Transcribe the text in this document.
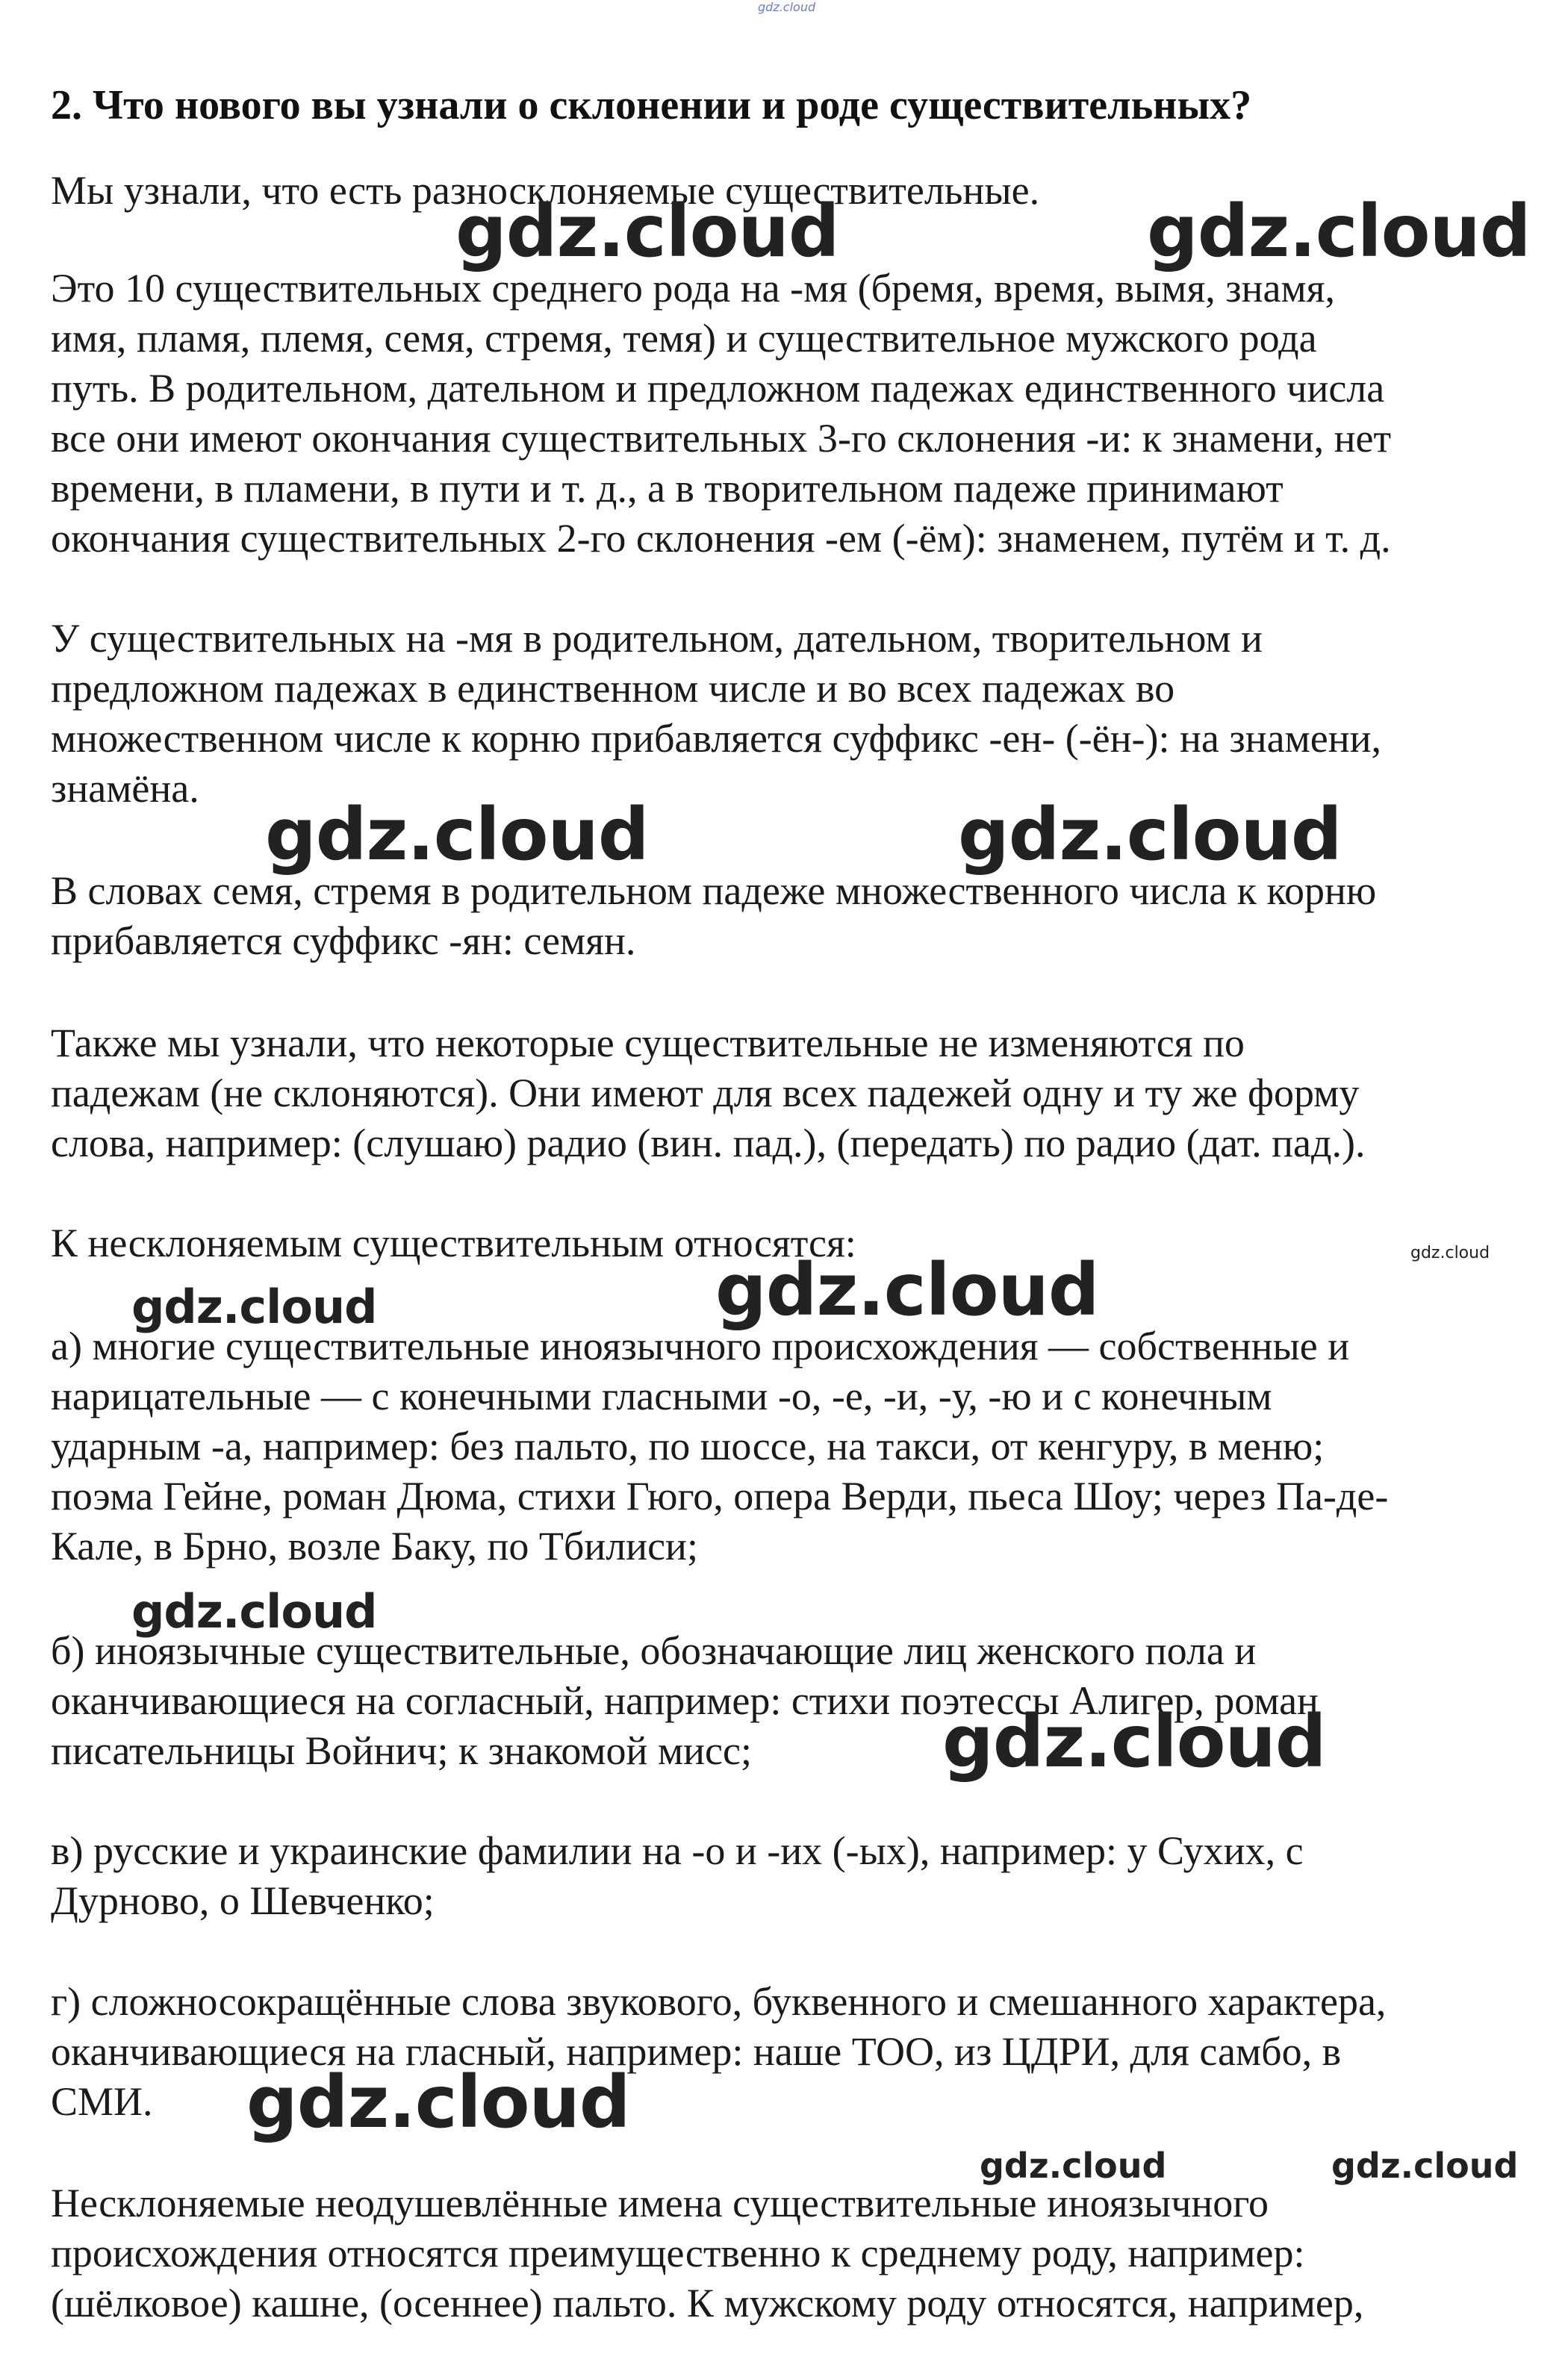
gdz.cloud
2. Что нового вы узнали о склонении и роде существительных?

Мы узнали, что есть разносклоняемые существительные.

Это 10 существительных среднего рода на -мя (бремя, время, вымя, знамя,
имя, пламя, племя, семя, стремя, темя) и существительное мужского рода
путь. В родительном, дательном и предложном падежах единственного числа
все они имеют окончания существительных 3-го склонения -и: к знамени, нет
времени, в пламени, в пути и т. д., а в творительном падеже принимают
окончания существительных 2-го склонения -ем (-ём): знаменем, путём и т. д.

У существительных на -мя в родительном, дательном, творительном и
предложном падежах в единственном числе и во всех падежах во
множественном числе к корню прибавляется суффикс -ен- (-ён-): на знамени,
знамёна.

В словах семя, стремя в родительном падеже множественного числа к корню
прибавляется суффикс -ян: семян.

Также мы узнали, что некоторые существительные не изменяются по
падежам (не склоняются). Они имеют для всех падежей одну и ту же форму
слова, например: (слушаю) радио (вин. пад.), (передать) по радио (дат. пад.).

К несклоняемым существительным относятся:

а) многие существительные иноязычного происхождения — собственные и
нарицательные — с конечными гласными -о, -е, -и, -у, -ю и с конечным
ударным -а, например: без пальто, по шоссе, на такси, от кенгуру, в меню;
поэма Гейне, роман Дюма, стихи Гюго, опера Верди, пьеса Шоу; через Па-де-
Кале, в Брно, возле Баку, по Тбилиси;

б) иноязычные существительные, обозначающие лиц женского пола и
оканчивающиеся на согласный, например: стихи поэтессы Алигер, роман
писательницы Войнич; к знакомой мисс;

в) русские и украинские фамилии на -о и -их (-ых), например: у Сухих, с
Дурново, о Шевченко;

г) сложносокращённые слова звукового, буквенного и смешанного характера,
оканчивающиеся на гласный, например: наше ТОО, из ЦДРИ, для самбо, в
СМИ.

Несклоняемые неодушевлённые имена существительные иноязычного
происхождения относятся преимущественно к среднему роду, например:
(шёлковое) кашне, (осеннее) пальто. К мужскому роду относятся, например,

gdz.cloud	gdz.cloud
gdz.cloud	gdz.cloud
gdz.cloud
gdz.cloud
gdz.cloud
gdz.cloud
gdz.cloud
gdz.cloud
gdz.cloud	gdz.cloud
